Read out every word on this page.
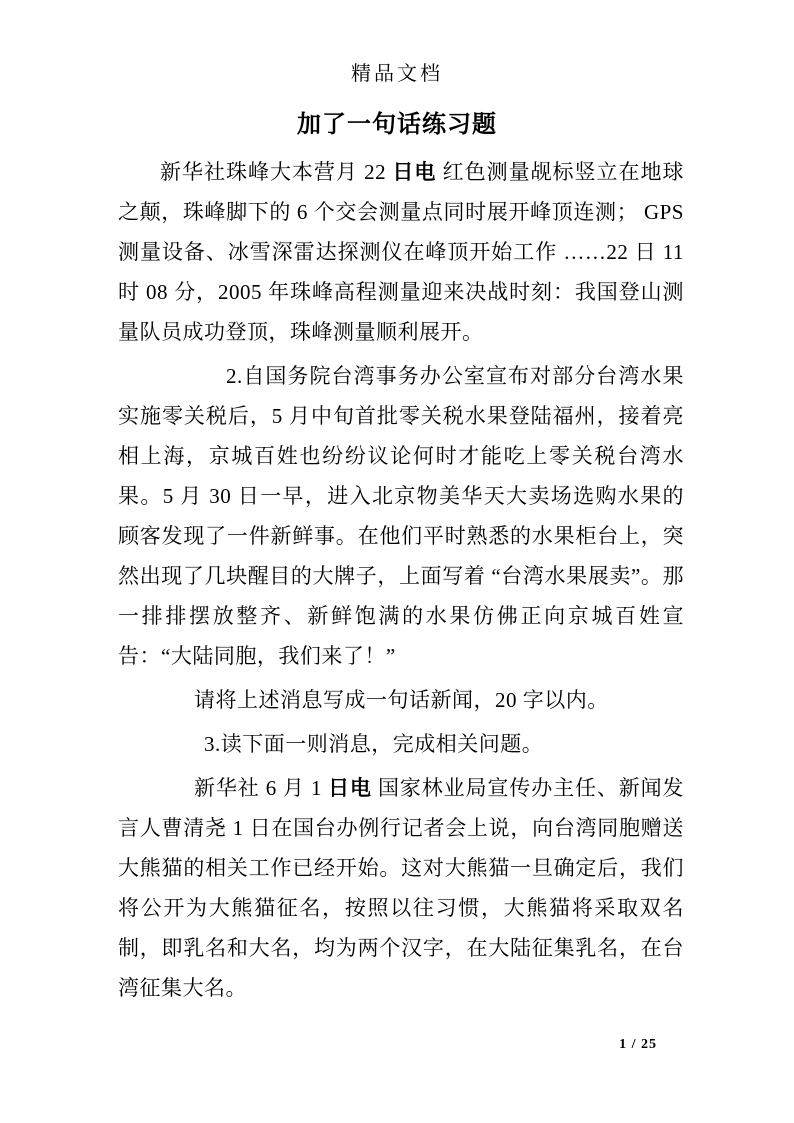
精品文档
加了一句话练习题

新华社珠峰大本营月 22 日电 红色测量觇标竖立在地球之颠，珠峰脚下的 6 个交会测量点同时展开峰顶连测； GPS 测量设备、冰雪深雷达探测仪在峰顶开始工作 ……22 日 11 时 08 分，2005 年珠峰高程测量迎来决战时刻：我国登山测量队员成功登顶，珠峰测量顺利展开。

2.自国务院台湾事务办公室宣布对部分台湾水果实施零关税后，5 月中旬首批零关税水果登陆福州，接着亮相上海，京城百姓也纷纷议论何时才能吃上零关税台湾水果。5 月 30 日一早，进入北京物美华天大卖场选购水果的顾客发现了一件新鲜事。在他们平时熟悉的水果柜台上，突然出现了几块醒目的大牌子，上面写着 “台湾水果展卖”。那一排排摆放整齐、新鲜饱满的水果仿佛正向京城百姓宣告：“大陆同胞，我们来了！”

请将上述消息写成一句话新闻，20 字以内。

3.读下面一则消息，完成相关问题。

新华社 6 月 1 日电 国家林业局宣传办主任、新闻发言人曹清尧 1 日在国台办例行记者会上说，向台湾同胞赠送大熊猫的相关工作已经开始。这对大熊猫一旦确定后，我们将公开为大熊猫征名，按照以往习惯，大熊猫将采取双名制，即乳名和大名，均为两个汉字，在大陆征集乳名，在台湾征集大名。

1 / 25
